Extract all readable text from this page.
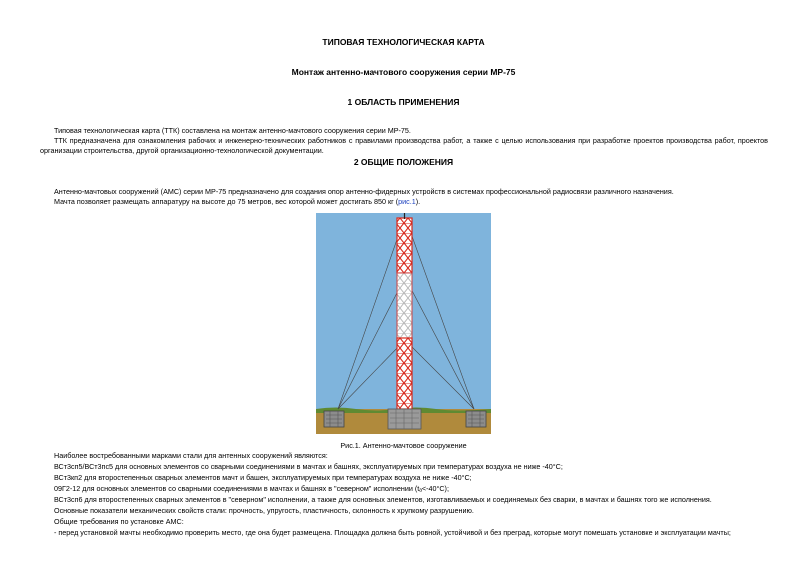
ТИПОВАЯ ТЕХНОЛОГИЧЕСКАЯ КАРТА
Монтаж антенно-мачтового сооружения серии МР-75
1 ОБЛАСТЬ ПРИМЕНЕНИЯ
Типовая технологическая карта (ТТК) составлена на монтаж антенно-мачтового сооружения серии МР-75.
ТТК предназначена для ознакомления рабочих и инженерно-технических работников с правилами производства работ, а также с целью использования при разработке проектов производства работ, проектов организации строительства, другой организационно-технологической документации.
2 ОБЩИЕ ПОЛОЖЕНИЯ
Антенно-мачтовых сооружений (АМС) серии МР-75 предназначено для создания опор антенно-фидерных устройств в системах профессиональной радиосвязи различного назначения.
Мачта позволяет размещать аппаратуру на высоте до 75 метров, вес которой может достигать 850 кг (рис.1).
Рис.1. Антенно-мачтовое сооружение
Наиболее востребованными марками стали для антенных сооружений являются:
ВСт3сп5/ВСт3пс5 для основных элементов со сварными соединениями в мачтах и башнях, эксплуатируемых при температурах воздуха не ниже -40°С;
ВСт3кп2 для второстепенных сварных элементов мачт и башен, эксплуатируемых при температурах воздуха не ниже -40°С;
09Г2-12 для основных элементов со сварными соединениями в мачтах и башнях в "северном" исполнении (tₐ<-40°С);
ВСт3сп6 для второстепенных сварных элементов в "северном" исполнении, а также для основных элементов, изготавливаемых и соединяемых без сварки, в мачтах и башнях того же исполнения.
Основные показатели механических свойств стали: прочность, упругость, пластичность, склонность к хрупкому разрушению.
Общие требования по установке АМС:
- перед установкой мачты необходимо проверить место, где она будет размещена. Площадка должна быть ровной, устойчивой и без преград, которые могут помешать установке и эксплуатации мачты;
